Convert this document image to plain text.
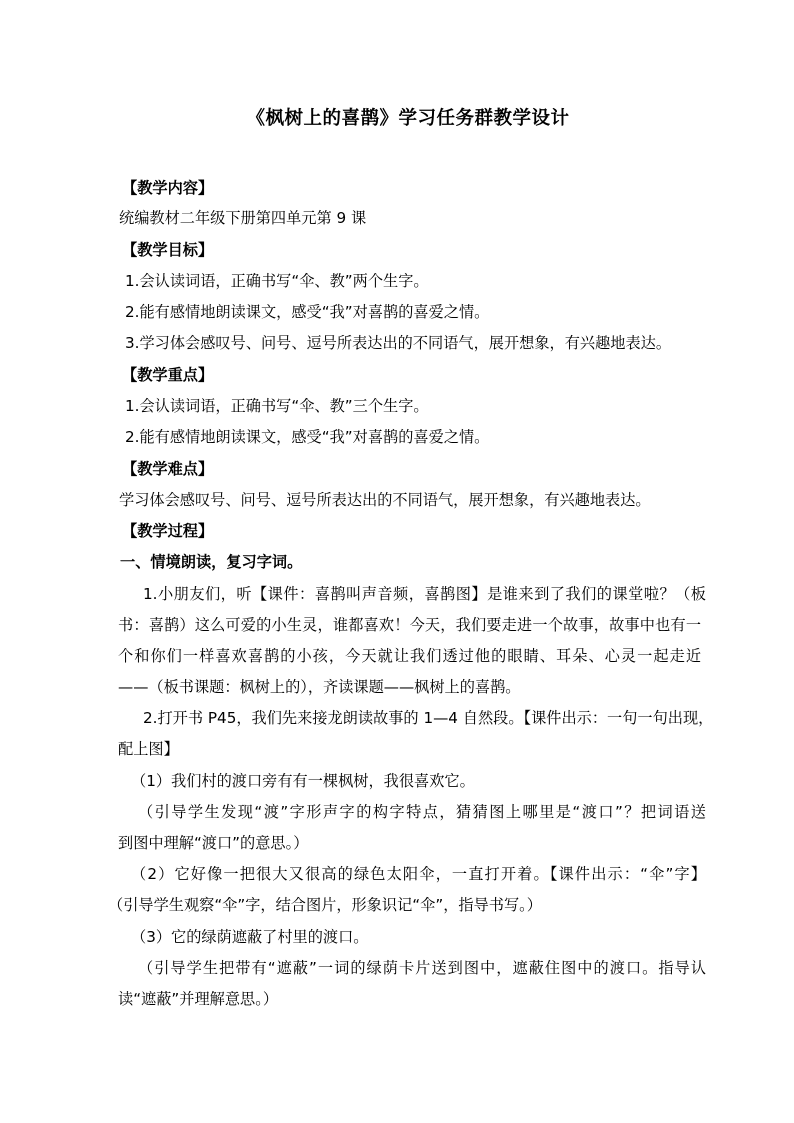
《枫树上的喜鹊》学习任务群教学设计
【教学内容】
统编教材二年级下册第四单元第 9 课
【教学目标】
1.会认读词语，正确书写“伞、教”两个生字。
2.能有感情地朗读课文，感受“我”对喜鹊的喜爱之情。
3.学习体会感叹号、问号、逗号所表达出的不同语气，展开想象，有兴趣地表达。
【教学重点】
1.会认读词语，正确书写“伞、教”三个生字。
2.能有感情地朗读课文，感受“我”对喜鹊的喜爱之情。
【教学难点】
学习体会感叹号、问号、逗号所表达出的不同语气，展开想象，有兴趣地表达。
【教学过程】
一、情境朗读，复习字词。
1.小朋友们，听【课件：喜鹊叫声音频，喜鹊图】是谁来到了我们的课堂啦？（板
书：喜鹊）这么可爱的小生灵，谁都喜欢！今天，我们要走进一个故事，故事中也有一
个和你们一样喜欢喜鹊的小孩，今天就让我们透过他的眼睛、耳朵、心灵一起走近
——（板书课题：枫树上的），齐读课题——枫树上的喜鹊。
2.打开书 P45，我们先来接龙朗读故事的 1—4 自然段。【课件出示：一句一句出现，
配上图】
（1）我们村的渡口旁有有一棵枫树，我很喜欢它。
（引导学生发现“渡”字形声字的构字特点，猜猜图上哪里是“渡口”？把词语送
到图中理解“渡口”的意思。）
（2）它好像一把很大又很高的绿色太阳伞，一直打开着。【课件出示：“伞”字】
（引导学生观察“伞”字，结合图片，形象识记“伞”，指导书写。）
（3）它的绿荫遮蔽了村里的渡口。
（引导学生把带有“遮蔽”一词的绿荫卡片送到图中，遮蔽住图中的渡口。指导认
读“遮蔽”并理解意思。）
